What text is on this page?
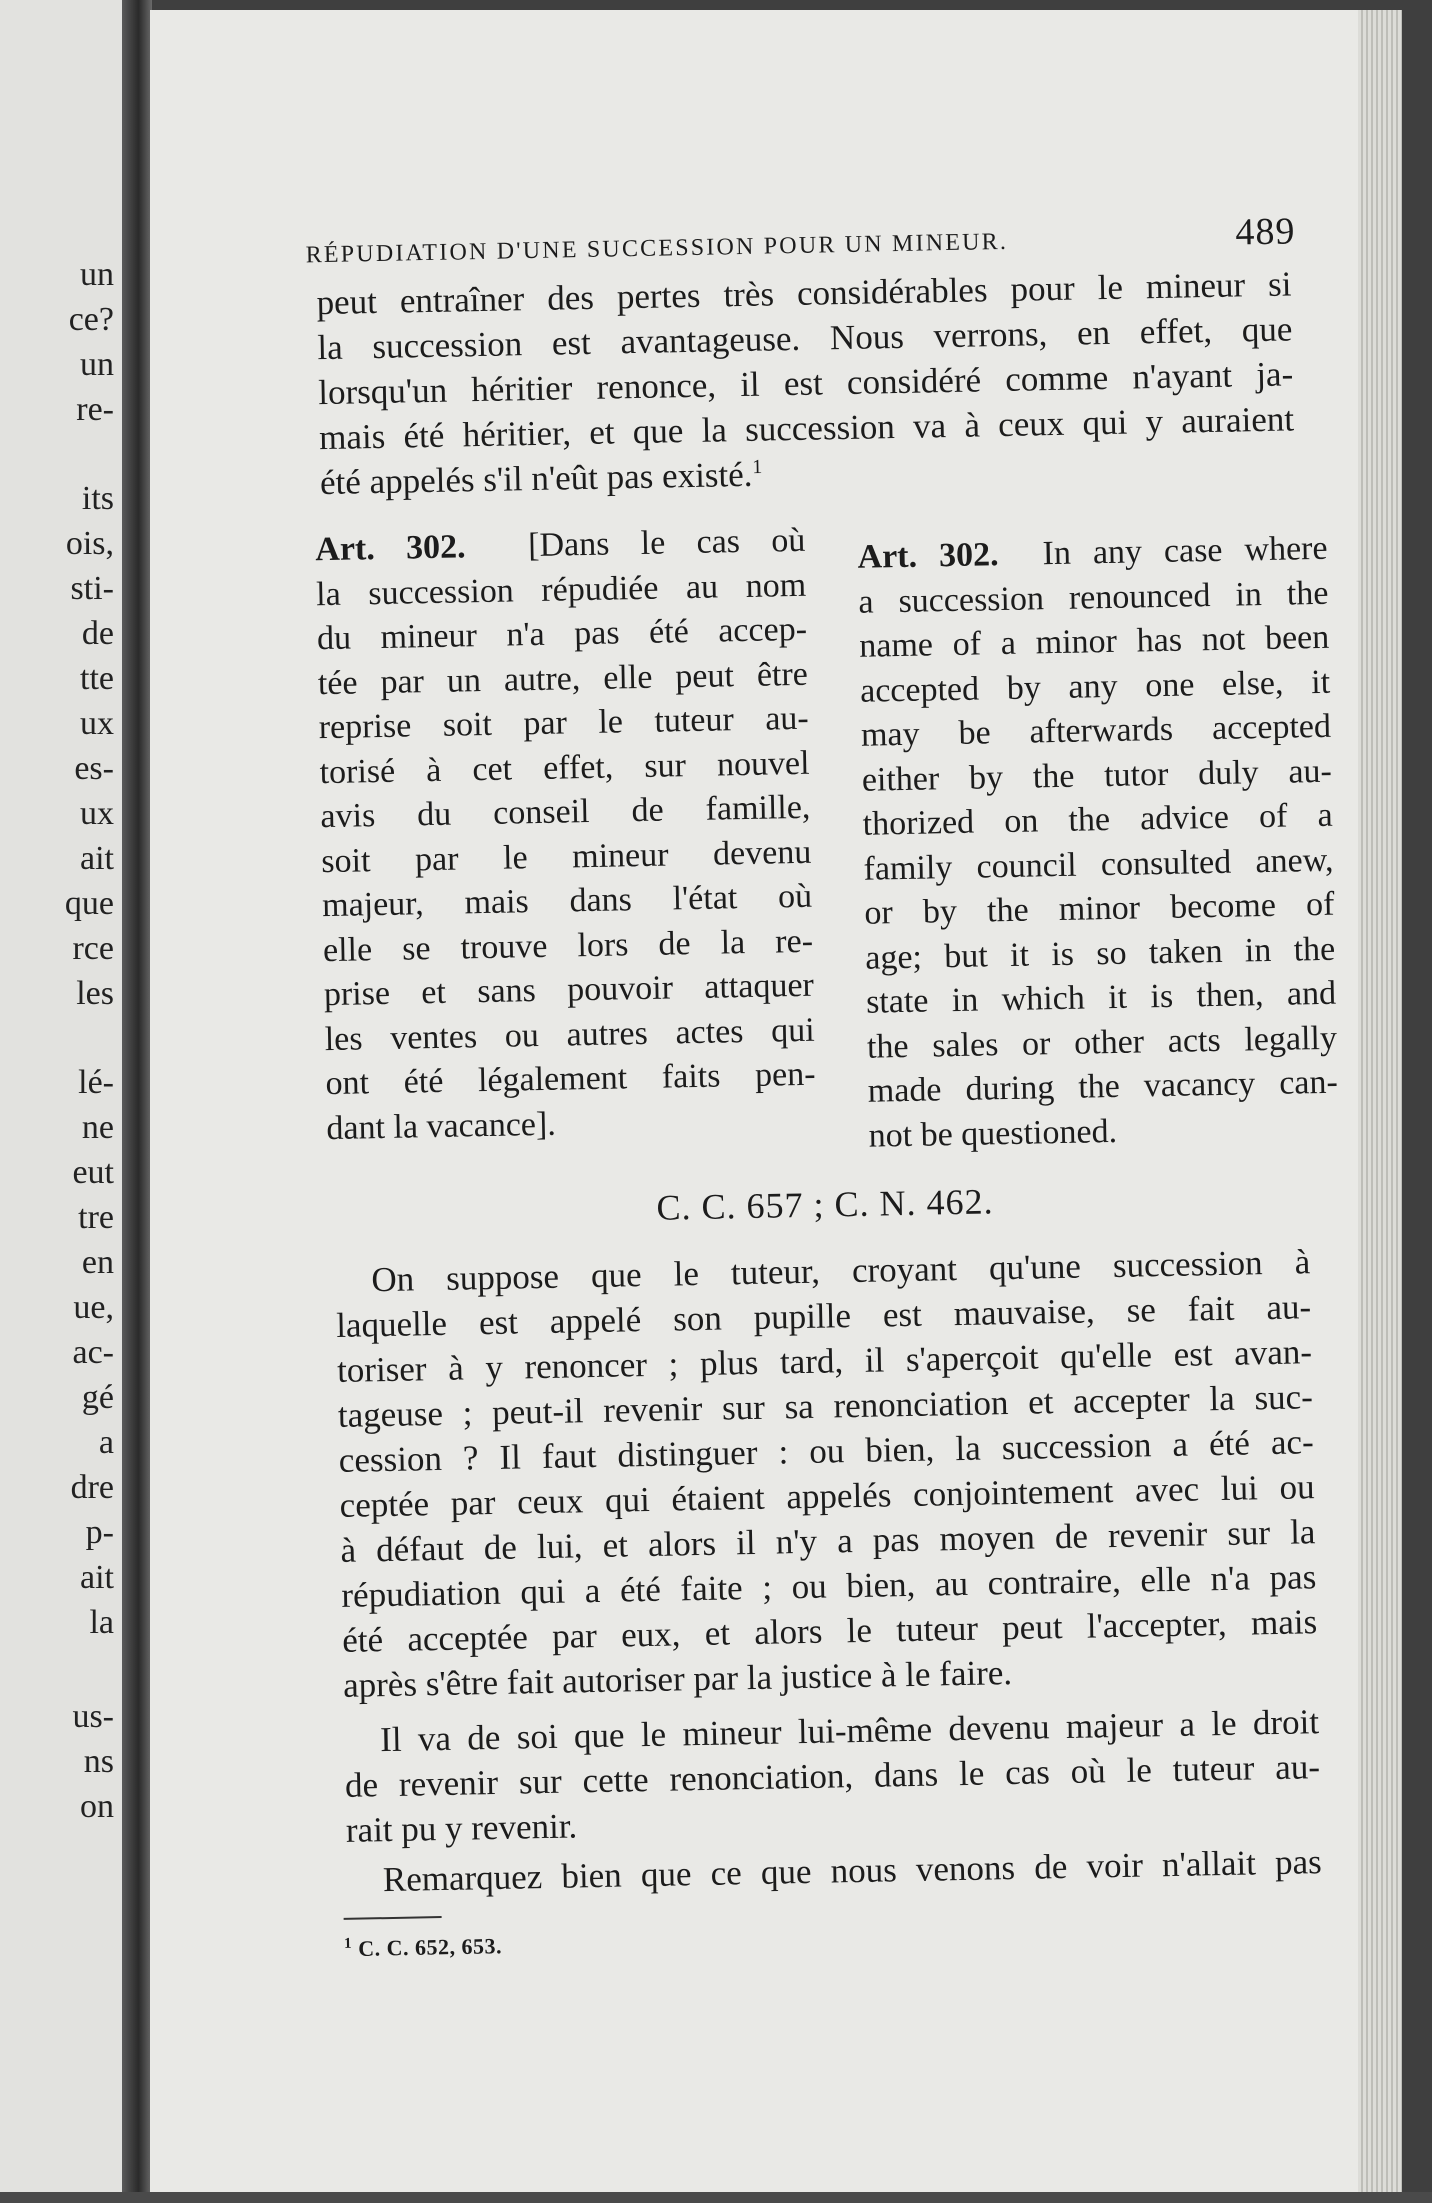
un
ce?
un
re-
its
ois,
sti-
de
tte
ux
es-
ux
ait
que
rce
les
lé-
ne
eut
tre
en
ue,
ac-
gé
a
dre
p-
ait
la
us-
ns
on
RÉPUDIATION D'UNE SUCCESSION POUR UN MINEUR.	489

peut entraîner des pertes très considérables pour le mineur si
la succession est avantageuse. Nous verrons, en effet, que
lorsqu'un héritier renonce, il est considéré comme n'ayant ja-
mais été héritier, et que la succession va à ceux qui y auraient
été appelés s'il n'eût pas existé.$^1$

Art. 302. [Dans le cas où
la succession répudiée au nom
du mineur n'a pas été accep-
tée par un autre, elle peut être
reprise soit par le tuteur au-
torisé à cet effet, sur nouvel
avis du conseil de famille,
soit par le mineur devenu
majeur, mais dans l'état où
elle se trouve lors de la re-
prise et sans pouvoir attaquer
les ventes ou autres actes qui
ont été légalement faits pen-
dant la vacance].
Art. 302. In any case where
a succession renounced in the
name of a minor has not been
accepted by any one else, it
may be afterwards accepted
either by the tutor duly au-
thorized on the advice of a
family council consulted anew,
or by the minor become of
age; but it is so taken in the
state in which it is then, and
the sales or other acts legally
made during the vacancy can-
not be questioned.
C. C. 657 ; C. N. 462.

On suppose que le tuteur, croyant qu'une succession à
laquelle est appelé son pupille est mauvaise, se fait au-
toriser à y renoncer ; plus tard, il s'aperçoit qu'elle est avan-
tageuse ; peut-il revenir sur sa renonciation et accepter la suc-
cession ? Il faut distinguer : ou bien, la succession a été ac-
ceptée par ceux qui étaient appelés conjointement avec lui ou
à défaut de lui, et alors il n'y a pas moyen de revenir sur la
répudiation qui a été faite ; ou bien, au contraire, elle n'a pas
été acceptée par eux, et alors le tuteur peut l'accepter, mais
après s'être fait autoriser par la justice à le faire.

Il va de soi que le mineur lui-même devenu majeur a le droit
de revenir sur cette renonciation, dans le cas où le tuteur au-
rait pu y revenir.

Remarquez bien que ce que nous venons de voir n'allait pas

$^1$ C. C. 652, 653.
